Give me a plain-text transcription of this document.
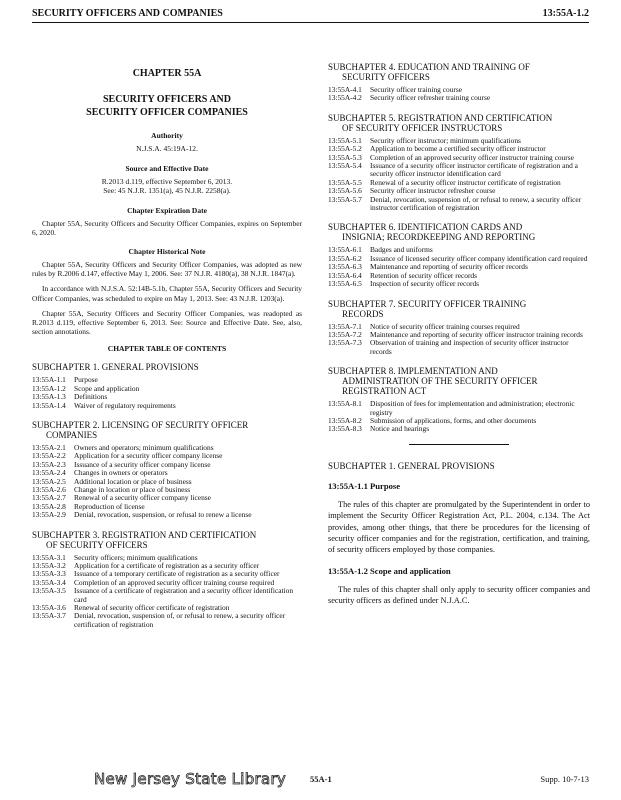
SECURITY OFFICERS AND COMPANIES	13:55A-1.2
CHAPTER 55A
SECURITY OFFICERS AND
SECURITY OFFICER COMPANIES
Authority
N.J.S.A. 45:19A-12.
Source and Effective Date
R.2013 d.119, effective September 6, 2013.
See: 45 N.J.R. 1351(a), 45 N.J.R. 2258(a).
Chapter Expiration Date

Chapter 55A, Security Officers and Security Officer Companies, expires on September 6, 2020.

Chapter Historical Note

Chapter 55A, Security Officers and Security Officer Companies, was adopted as new rules by R.2006 d.147, effective May 1, 2006. See: 37 N.J.R. 4180(a), 38 N.J.R. 1847(a).

In accordance with N.J.S.A. 52:14B-5.1b, Chapter 55A, Security Officers and Security Officer Companies, was scheduled to expire on May 1, 2013. See: 43 N.J.R. 1203(a).

Chapter 55A, Security Officers and Security Officer Companies, was readopted as R.2013 d.119, effective September 6, 2013. See: Source and Effective Date. See, also, section annotations.

CHAPTER TABLE OF CONTENTS
SUBCHAPTER 1. GENERAL PROVISIONS
13:55A-1.1	Purpose
13:55A-1.2	Scope and application
13:55A-1.3	Definitions
13:55A-1.4	Waiver of regulatory requirements
SUBCHAPTER 2. LICENSING OF SECURITY OFFICER
COMPANIES
13:55A-2.1	Owners and operators; minimum qualifications
13:55A-2.2	Application for a security officer company license
13:55A-2.3	Issuance of a security officer company license
13:55A-2.4	Changes in owners or operators
13:55A-2.5	Additional location or place of business
13:55A-2.6	Change in location or place of business
13:55A-2.7	Renewal of a security officer company license
13:55A-2.8	Reproduction of license
13:55A-2.9	Denial, revocation, suspension, or refusal to renew a license
SUBCHAPTER 3. REGISTRATION AND CERTIFICATION
OF SECURITY OFFICERS
13:55A-3.1	Security officers; minimum qualifications
13:55A-3.2	Application for a certificate of registration as a security officer
13:55A-3.3	Issuance of a temporary certificate of registration as a security officer
13:55A-3.4	Completion of an approved security officer training course required
13:55A-3.5	Issuance of a certificate of registration and a security officer identification card
13:55A-3.6	Renewal of security officer certificate of registration
13:55A-3.7	Denial, revocation, suspension of, or refusal to renew, a security officer certification of registration
SUBCHAPTER 4. EDUCATION AND TRAINING OF
SECURITY OFFICERS
13:55A-4.1	Security officer training course
13:55A-4.2	Security officer refresher training course
SUBCHAPTER 5. REGISTRATION AND CERTIFICATION
OF SECURITY OFFICER INSTRUCTORS
13:55A-5.1	Security officer instructor; minimum qualifications
13:55A-5.2	Application to become a certified security officer instructor
13:55A-5.3	Completion of an approved security officer instructor training course
13:55A-5.4	Issuance of a security officer instructor certificate of registration and a security officer instructor identification card
13:55A-5.5	Renewal of a security officer instructor certificate of registration
13:55A-5.6	Security officer instructor refresher course
13:55A-5.7	Denial, revocation, suspension of, or refusal to renew, a security officer instructor certification of registration
SUBCHAPTER 6. IDENTIFICATION CARDS AND
INSIGNIA; RECORDKEEPING AND REPORTING
13:55A-6.1	Badges and uniforms
13:55A-6.2	Issuance of licensed security officer company identification card required
13:55A-6.3	Maintenance and reporting of security officer records
13:55A-6.4	Retention of security officer records
13:55A-6.5	Inspection of security officer records
SUBCHAPTER 7. SECURITY OFFICER TRAINING
RECORDS
13:55A-7.1	Notice of security officer training courses required
13:55A-7.2	Maintenance and reporting of security officer instructor training records
13:55A-7.3	Observation of training and inspection of security officer instructor records
SUBCHAPTER 8. IMPLEMENTATION AND
ADMINISTRATION OF THE SECURITY OFFICER
REGISTRATION ACT
13:55A-8.1	Disposition of fees for implementation and administration; electronic registry
13:55A-8.2	Submission of applications, forms, and other documents
13:55A-8.3	Notice and hearings
SUBCHAPTER 1. GENERAL PROVISIONS
13:55A-1.1 Purpose

The rules of this chapter are promulgated by the Superintendent in order to implement the Security Officer Registration Act, P.L. 2004, c.134. The Act provides, among other things, that there be procedures for the licensing of security officer companies and for the registration, certification, and training, of security officers employed by those companies.

13:55A-1.2 Scope and application

The rules of this chapter shall only apply to security officer companies and security officers as defined under N.J.A.C.

New Jersey State Library	55A-1	Supp. 10-7-13
